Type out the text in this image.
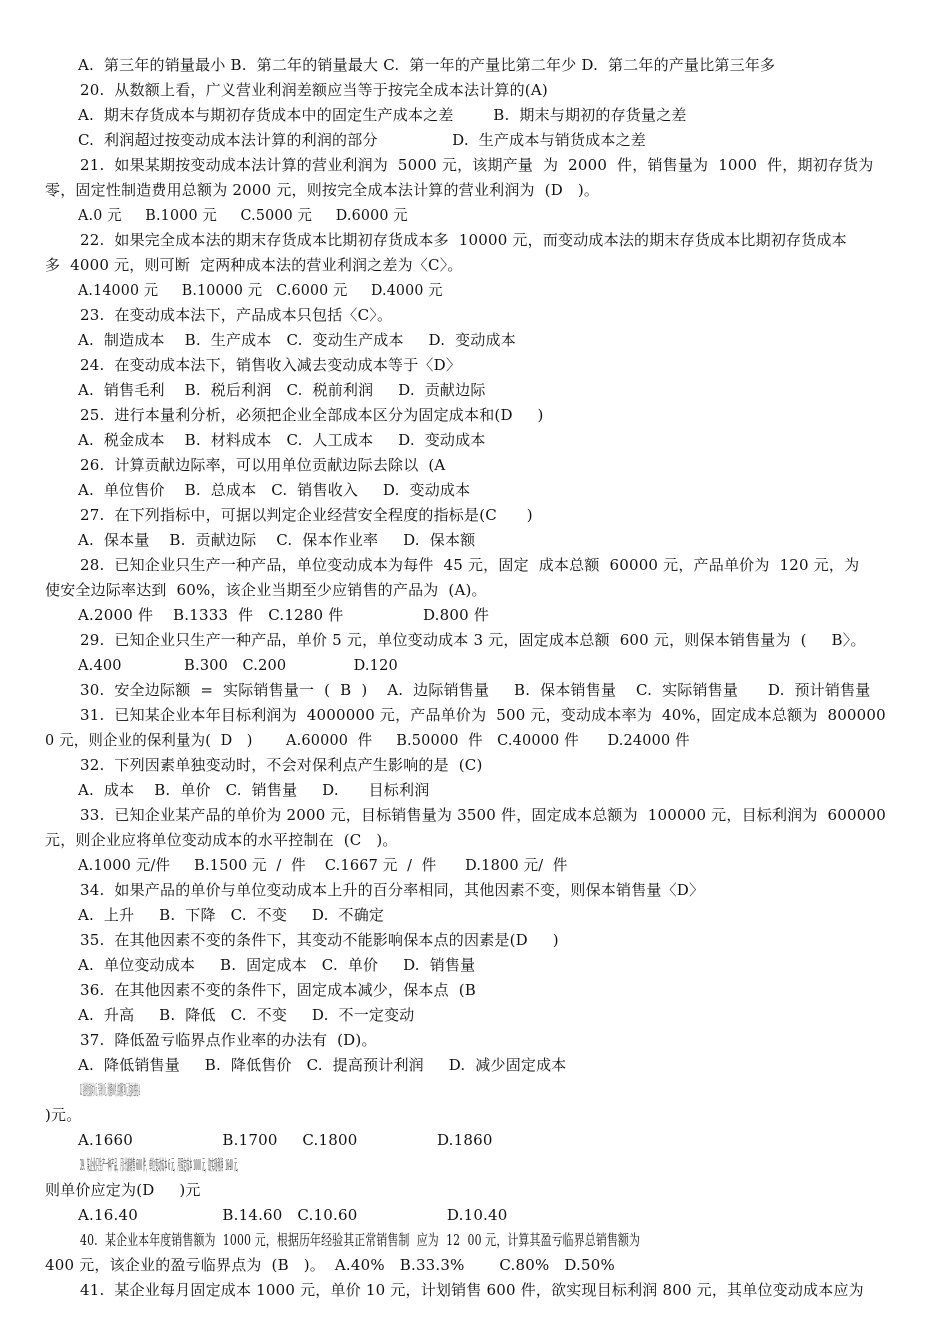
A.  第三年的销量最小 B.  第二年的销量最大 C.  第一年的产量比第二年少 D.  第二年的产量比第三年多
20.  从数额上看，广义营业利润差额应当等于按完全成本法计算的(A)
A.  期末存货成本与期初存货成本中的固定生产成本之差        B.  期末与期初的存货量之差
C.  利润超过按变动成本法计算的利润的部分               D.  生产成本与销货成本之差
21.  如果某期按变动成本法计算的营业利润为  5000 元，该期产量  为  2000  件，销售量为  1000  件，期初存货为
零，固定性制造费用总额为 2000 元，则按完全成本法计算的营业利润为  (D   )。
A.0 元     B.1000 元     C.5000 元     D.6000 元
22.  如果完全成本法的期末存货成本比期初存货成本多  10000 元，而变动成本法的期末存货成本比期初存货成本
多  4000 元，则可断  定两种成本法的营业利润之差为〈C〉。
A.14000 元     B.10000 元   C.6000 元     D.4000 元
23.  在变动成本法下，产品成本只包括〈C〉。
A.  制造成本    B.  生产成本   C.  变动生产成本     D.  变动成本
24.  在变动成本法下，销售收入减去变动成本等于〈D〉
A.  销售毛利    B.  税后利润   C.  税前利润     D.  贡献边际
25.  进行本量利分析，必须把企业全部成本区分为固定成本和(D     )
A.  税金成本    B.  材料成本   C.  人工成本     D.  变动成本
26.  计算贡献边际率，可以用单位贡献边际去除以  (A
A.  单位售价    B.  总成本   C.  销售收入     D.  变动成本
27.  在下列指标中，可据以判定企业经营安全程度的指标是(C      )
A.  保本量    B.  贡献边际    C.  保本作业率     D.  保本额
28.  已知企业只生产一种产品，单位变动成本为每件  45 元，固定  成本总额  60000 元，产品单价为  120 元，为
使安全边际率达到  60%，该企业当期至少应销售的产品为  (A)。
A.2000 件    B.1333  件   C.1280 件                D.800 件
29.  已知企业只生产一种产品，单价 5 元，单位变动成本 3 元，固定成本总额  600 元，则保本销售量为  (     B〉。
A.400             B.300   C.200              D.120
30.  安全边际额  =  实际销售量一  (  B  )    A.  边际销售量     B.  保本销售量    C.  实际销售量      D.  预计销售量
31.  已知某企业本年目标利润为  4000000 元，产品单价为  500 元，变动成本率为  40%，固定成本总额为  800000
0 元，则企业的保利量为(  D   )       A.60000  件     B.50000  件   C.40000 件      D.24000 件
32.  下列因素单独变动时，不会对保利点产生影响的是  (C)
A.  成本    B.  单价   C.  销售量     D.      目标利润
33.  已知企业某产品的单价为 2000 元，目标销售量为 3500 件，固定成本总额为  100000 元，目标利润为  600000
元，则企业应将单位变动成本的水平控制在  (C   )。
A.1000 元/件     B.1500 元  /  件    C.1667 元  /  件      D.1800 元/  件
34.  如果产品的单价与单位变动成本上升的百分率相同，其他因素不变，则保本销售量〈D〉
A.  上升     B.  下降   C.  不变     D.  不确定
35.  在其他因素不变的条件下，其变动不能影响保本点的因素是(D     )
A.  单位变动成本     B.  固定成本   C.  单价     D.  销售量
36.  在其他因素不变的条件下，固定成本减少，保本点  (B
A.  升高     B.  降低   C.  不变     D.  不一定变动
37.  降低盈亏临界点作业率的办法有  (D)。
A.  降低销售量     B.  降低售价   C.  提高预计利润     D.  减少固定成本
38.  某企业单位变动成本为 6 元，产品单价 10 元，计划销售 600 件，欲实现利润 740 元，固定成本应控制在  (A
)元。
A.1660                  B.1700     C.1800                D.1860
39.  某企业只生产一种产品，月计划销售 600 件，单位变动成本 6 元，月固定成本 1000 元，欲实现利润  1640 元，
则单价应定为(D     )元
A.16.40                 B.14.60   C.10.60                  D.10.40
40.  某企业本年度销售额为  1000 元，根据历年经验其正常销售制  应为  12  00 元，计算其盈亏临界总销售额为
400 元，该企业的盈亏临界点为  (B   )。  A.40%   B.33.3%       C.80%   D.50%
41.  某企业每月固定成本 1000 元，单价 10 元，计划销售 600 件，欲实现目标利润 800 元，其单位变动成本应为
